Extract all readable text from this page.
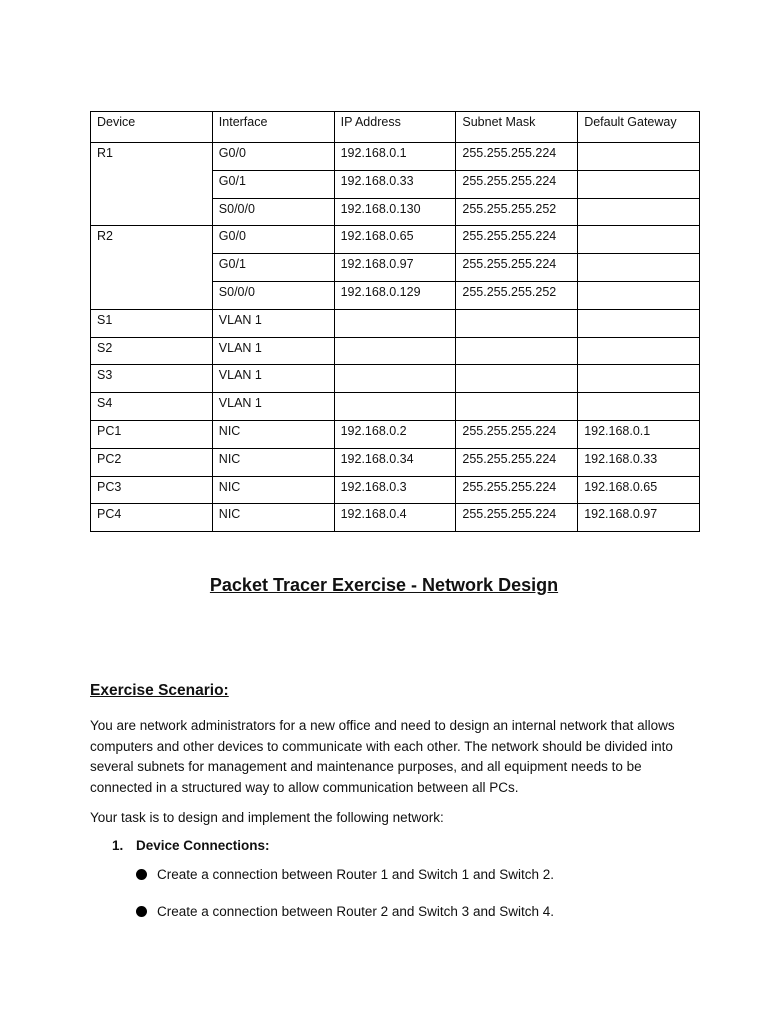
Device	Interface	IP Address	Subnet Mask	Default Gateway
R1	G0/0	192.168.0.1	255.255.255.224	
	G0/1	192.168.0.33	255.255.255.224	
	S0/0/0	192.168.0.130	255.255.255.252	
R2	G0/0	192.168.0.65	255.255.255.224	
	G0/1	192.168.0.97	255.255.255.224	
	S0/0/0	192.168.0.129	255.255.255.252	
S1	VLAN 1			
S2	VLAN 1			
S3	VLAN 1			
S4	VLAN 1			
PC1	NIC	192.168.0.2	255.255.255.224	192.168.0.1
PC2	NIC	192.168.0.34	255.255.255.224	192.168.0.33
PC3	NIC	192.168.0.3	255.255.255.224	192.168.0.65
PC4	NIC	192.168.0.4	255.255.255.224	192.168.0.97
Packet Tracer Exercise - Network Design
Exercise Scenario:

You are network administrators for a new office and need to design an internal network that allows computers and other devices to communicate with each other. The network should be divided into several subnets for management and maintenance purposes, and all equipment needs to be connected in a structured way to allow communication between all PCs.

Your task is to design and implement the following network:

1. Device Connections:
Create a connection between Router 1 and Switch 1 and Switch 2.
Create a connection between Router 2 and Switch 3 and Switch 4.
